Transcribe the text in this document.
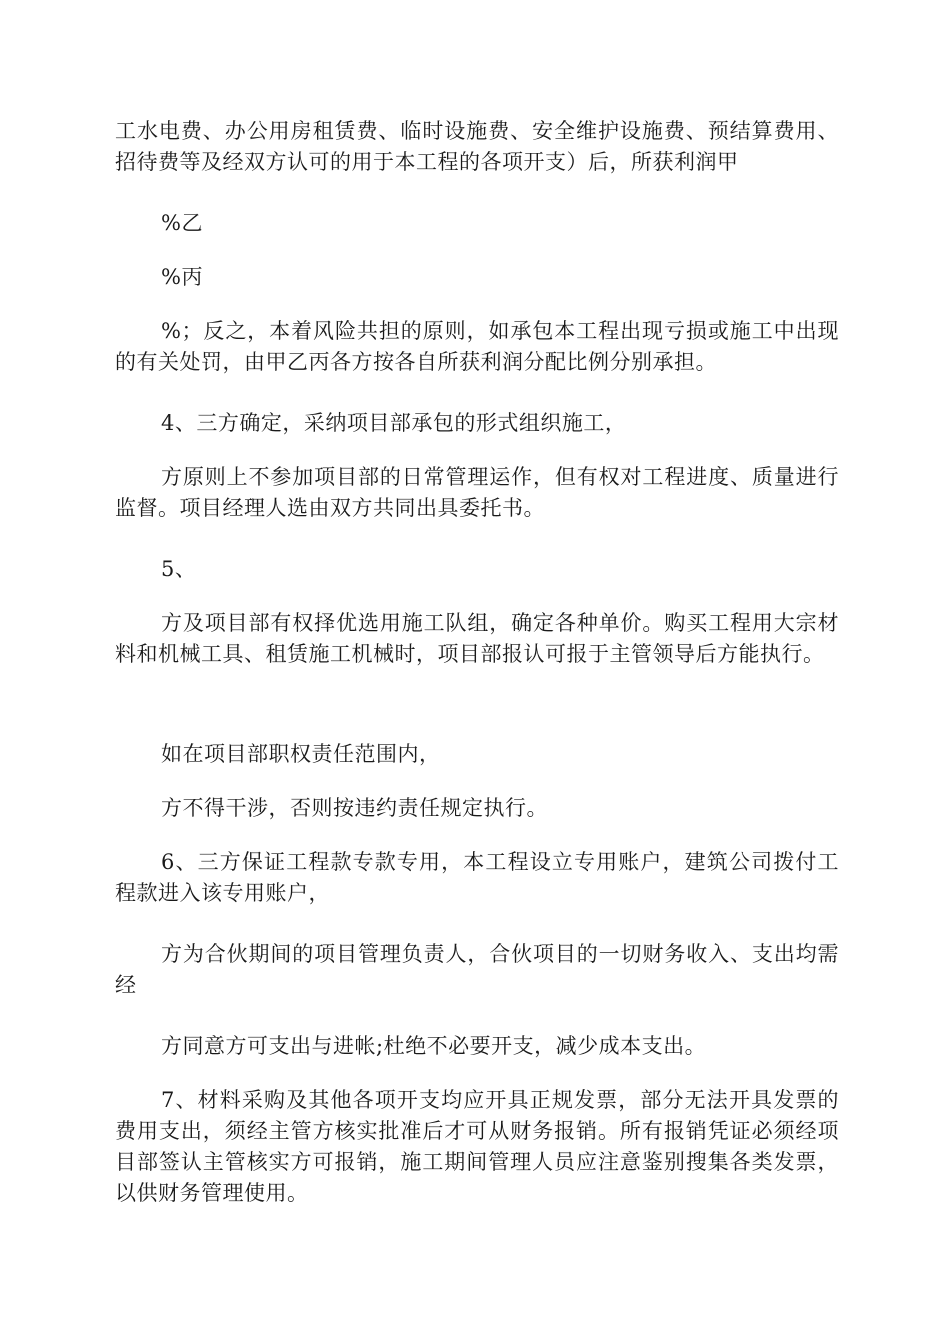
工水电费、办公用房租赁费、临时设施费、安全维护设施费、预结算费用、招待费等及经双方认可的用于本工程的各项开支）后，所获利润甲

%乙

%丙

%；反之，本着风险共担的原则，如承包本工程出现亏损或施工中出现的有关处罚，由甲乙丙各方按各自所获利润分配比例分别承担。

4、三方确定，采纳项目部承包的形式组织施工，

方原则上不参加项目部的日常管理运作，但有权对工程进度、质量进行监督。项目经理人选由双方共同出具委托书。

5、

方及项目部有权择优选用施工队组，确定各种单价。购买工程用大宗材料和机械工具、租赁施工机械时，项目部报认可报于主管领导后方能执行。

如在项目部职权责任范围内，

方不得干涉，否则按违约责任规定执行。

6、三方保证工程款专款专用，本工程设立专用账户，建筑公司拨付工程款进入该专用账户，

方为合伙期间的项目管理负责人，合伙项目的一切财务收入、支出均需经

方同意方可支出与进帐;杜绝不必要开支，减少成本支出。

7、材料采购及其他各项开支均应开具正规发票，部分无法开具发票的费用支出，须经主管方核实批准后才可从财务报销。所有报销凭证必须经项目部签认主管核实方可报销，施工期间管理人员应注意鉴别搜集各类发票，以供财务管理使用。
